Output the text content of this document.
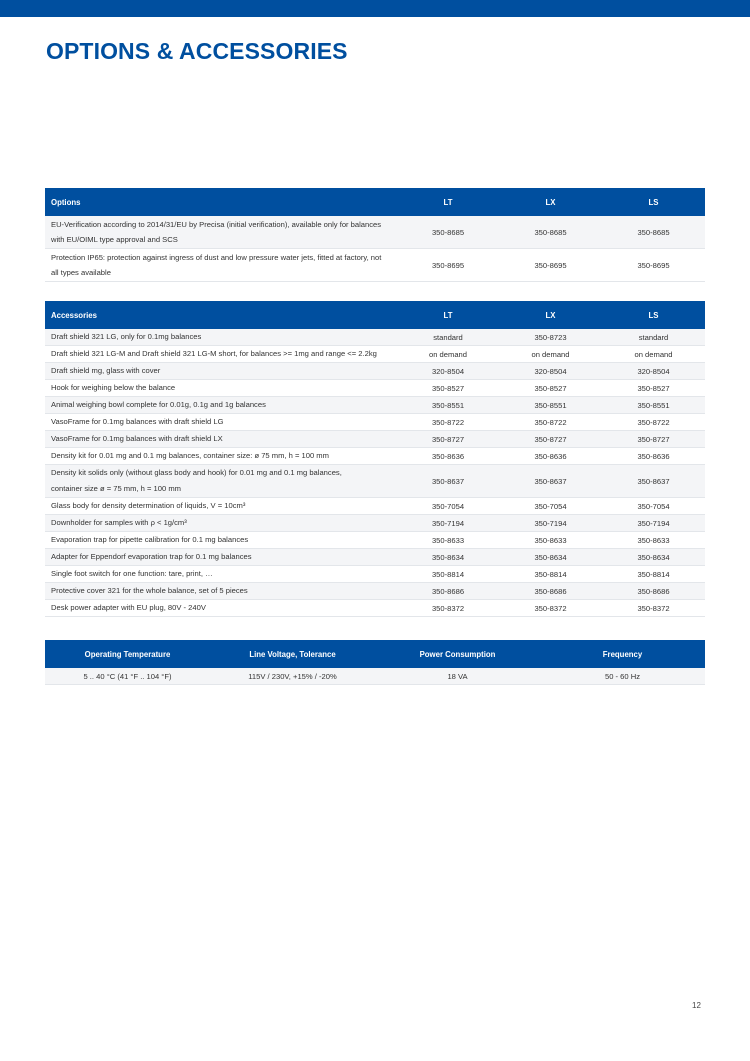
OPTIONS & ACCESSORIES
Options	LT	LX	LS
EU-Verification according to 2014/31/EU by Precisa (initial verification), available only for balances with EU/OIML type approval and SCS	350-8685	350-8685	350-8685
Protection IP65: protection against ingress of dust and low pressure water jets, fitted at factory, not all types available	350-8695	350-8695	350-8695
Accessories	LT	LX	LS
Draft shield 321 LG, only for 0.1mg balances	standard	350-8723	standard
Draft shield 321 LG-M and Draft shield 321 LG-M short, for balances >= 1mg and range <= 2.2kg	on demand	on demand	on demand
Draft shield mg, glass with cover	320-8504	320-8504	320-8504
Hook for weighing below the balance	350-8527	350-8527	350-8527
Animal weighing bowl complete for 0.01g, 0.1g and 1g balances	350-8551	350-8551	350-8551
VasoFrame for 0.1mg balances with draft shield LG	350-8722	350-8722	350-8722
VasoFrame for 0.1mg balances with draft shield LX	350-8727	350-8727	350-8727
Density kit for 0.01 mg and 0.1 mg balances, container size: ø 75 mm, h = 100 mm	350-8636	350-8636	350-8636

Density kit solids only (without glass body and hook) for 0.01 mg and 0.1 mg balances,
container size ø = 75 mm, h = 100 mm	350-8637	350-8637	350-8637
Glass body for density determination of liquids, V = 10cm³	350-7054	350-7054	350-7054
Downholder for samples with ρ < 1g/cm³	350-7194	350-7194	350-7194
Evaporation trap for pipette calibration for 0.1 mg balances	350-8633	350-8633	350-8633
Adapter for Eppendorf evaporation trap for 0.1 mg balances	350-8634	350-8634	350-8634
Single foot switch for one function: tare, print, …	350-8814	350-8814	350-8814
Protective cover 321 for the whole balance, set of 5 pieces	350-8686	350-8686	350-8686
Desk power adapter with EU plug, 80V - 240V	350-8372	350-8372	350-8372
Operating Temperature	Line Voltage, Tolerance	Power Consumption	Frequency
5 .. 40 °C (41 °F .. 104 °F)	115V / 230V, +15% / -20%	18 VA	50 - 60 Hz
12
